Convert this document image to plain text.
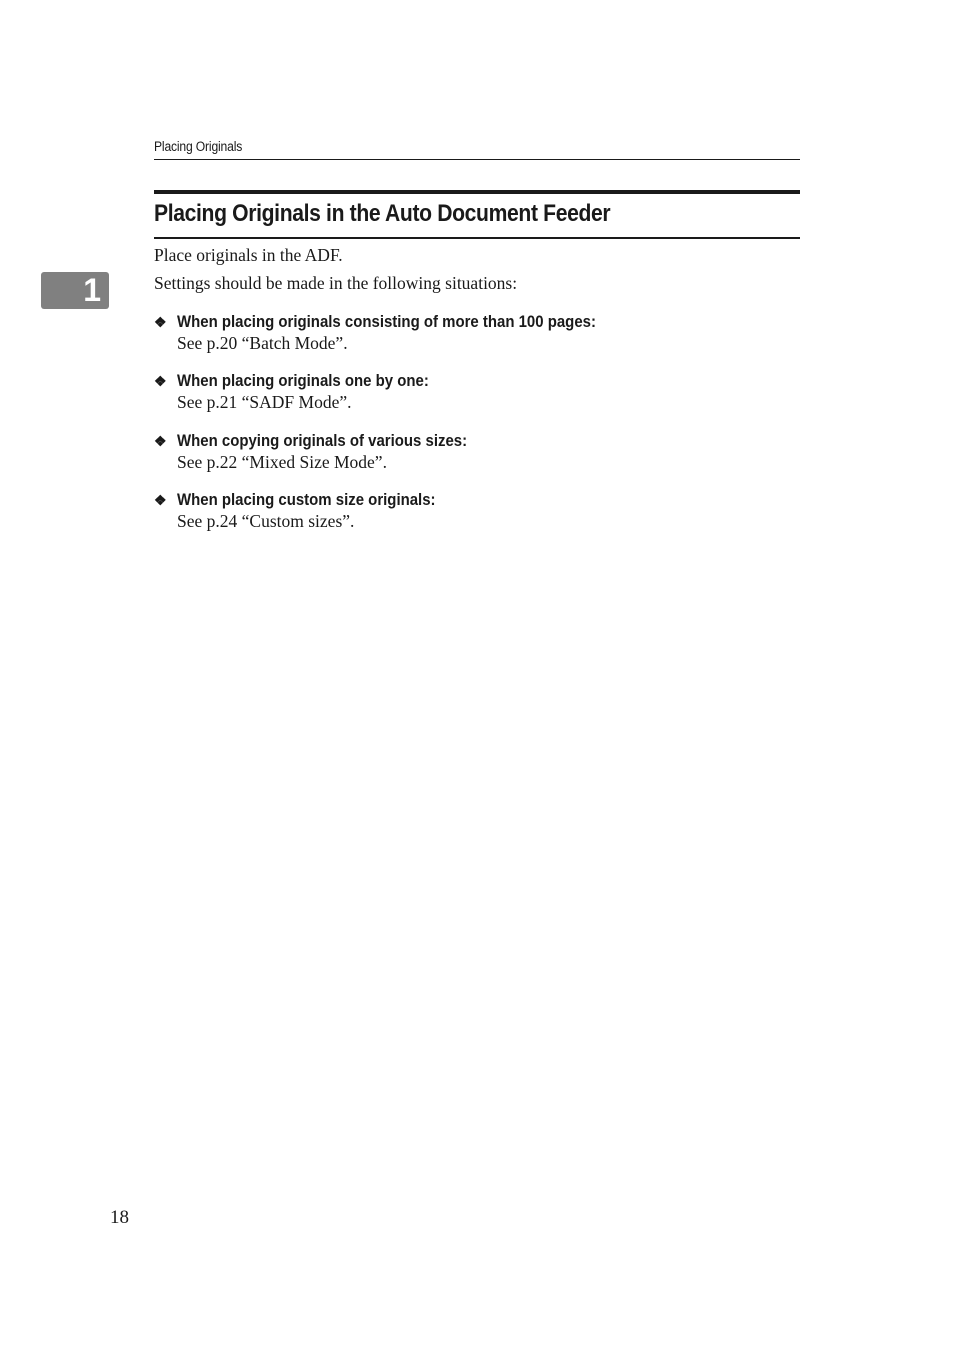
Placing Originals
Placing Originals in the Auto Document Feeder
1
Place originals in the ADF.
Settings should be made in the following situations:
❖ When placing originals consisting of more than 100 pages:
See p.20 “Batch Mode”.
❖ When placing originals one by one:
See p.21 “SADF Mode”.
❖ When copying originals of various sizes:
See p.22 “Mixed Size Mode”.
❖ When placing custom size originals:
See p.24 “Custom sizes”.
18
